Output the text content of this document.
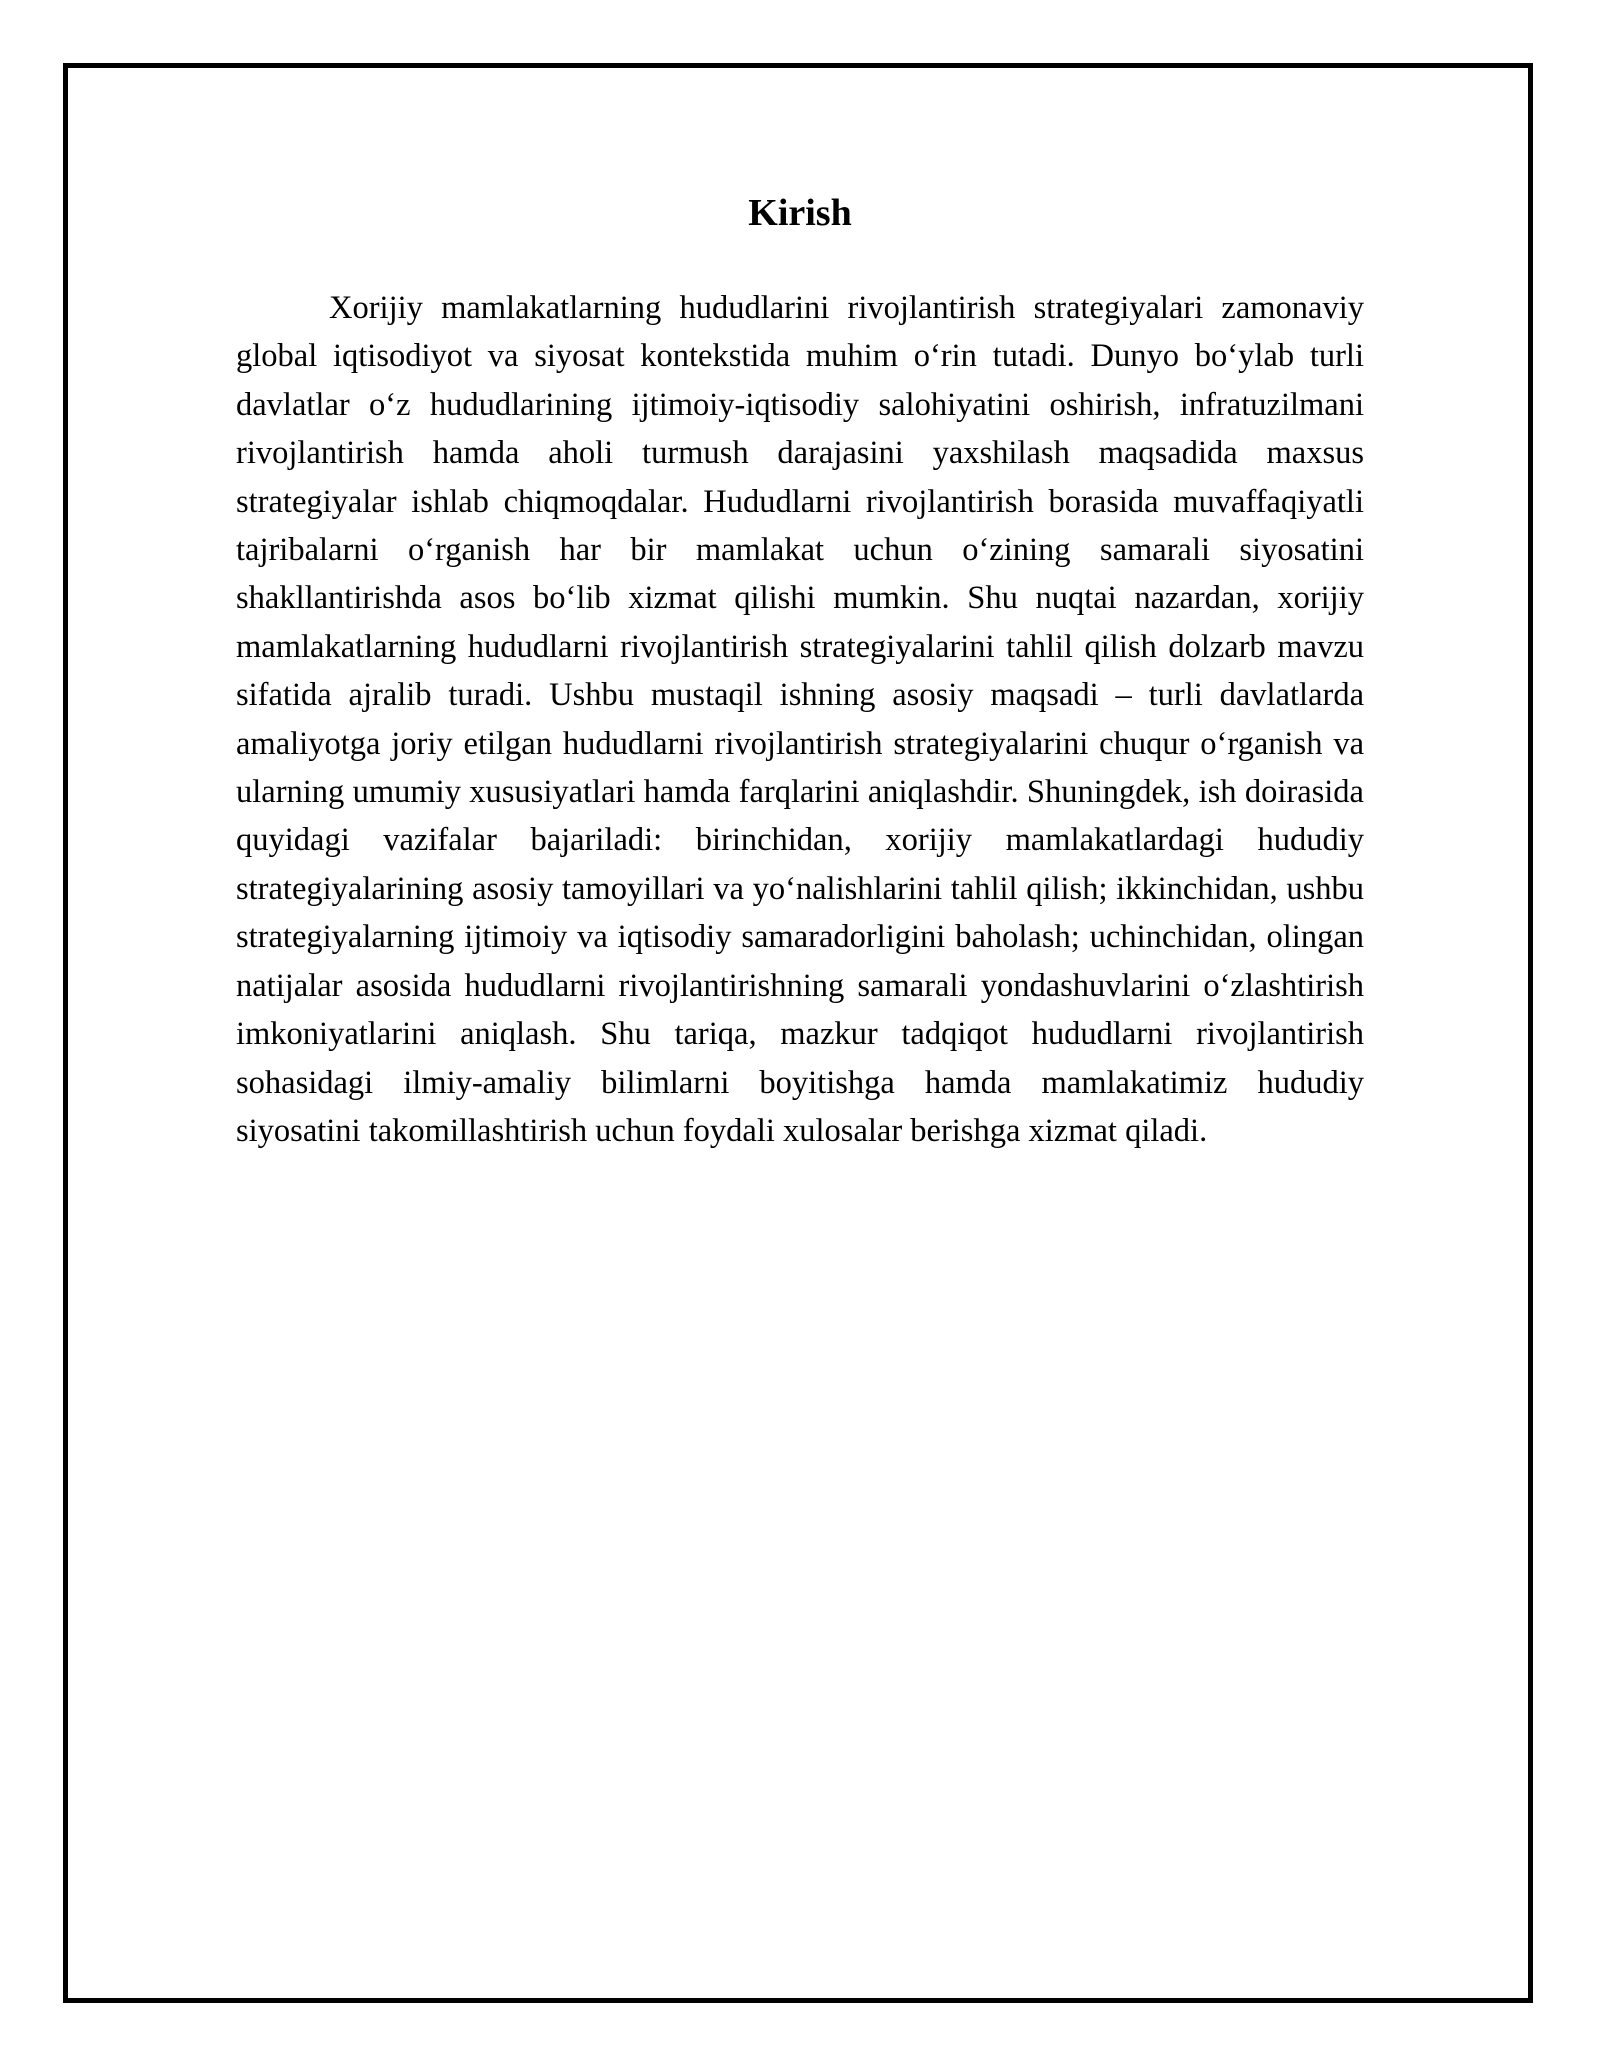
Kirish

Xorijiy mamlakatlarning hududlarini rivojlantirish strategiyalari zamonaviy global iqtisodiyot va siyosat kontekstida muhim oʻrin tutadi. Dunyo boʻylab turli davlatlar oʻz hududlarining ijtimoiy-iqtisodiy salohiyatini oshirish, infratuzilmani rivojlantirish hamda aholi turmush darajasini yaxshilash maqsadida maxsus strategiyalar ishlab chiqmoqdalar. Hududlarni rivojlantirish borasida muvaffaqiyatli tajribalarni oʻrganish har bir mamlakat uchun oʻzining samarali siyosatini shakllantirishda asos boʻlib xizmat qilishi mumkin. Shu nuqtai nazardan, xorijiy mamlakatlarning hududlarni rivojlantirish strategiyalarini tahlil qilish dolzarb mavzu sifatida ajralib turadi. Ushbu mustaqil ishning asosiy maqsadi – turli davlatlarda amaliyotga joriy etilgan hududlarni rivojlantirish strategiyalarini chuqur oʻrganish va ularning umumiy xususiyatlari hamda farqlarini aniqlashdir. Shuningdek, ish doirasida quyidagi vazifalar bajariladi: birinchidan, xorijiy mamlakatlardagi hududiy strategiyalarining asosiy tamoyillari va yoʻnalishlarini tahlil qilish; ikkinchidan, ushbu strategiyalarning ijtimoiy va iqtisodiy samaradorligini baholash; uchinchidan, olingan natijalar asosida hududlarni rivojlantirishning samarali yondashuvlarini oʻzlashtirish imkoniyatlarini aniqlash. Shu tariqa, mazkur tadqiqot hududlarni rivojlantirish sohasidagi ilmiy-amaliy bilimlarni boyitishga hamda mamlakatimiz hududiy siyosatini takomillashtirish uchun foydali xulosalar berishga xizmat qiladi.
